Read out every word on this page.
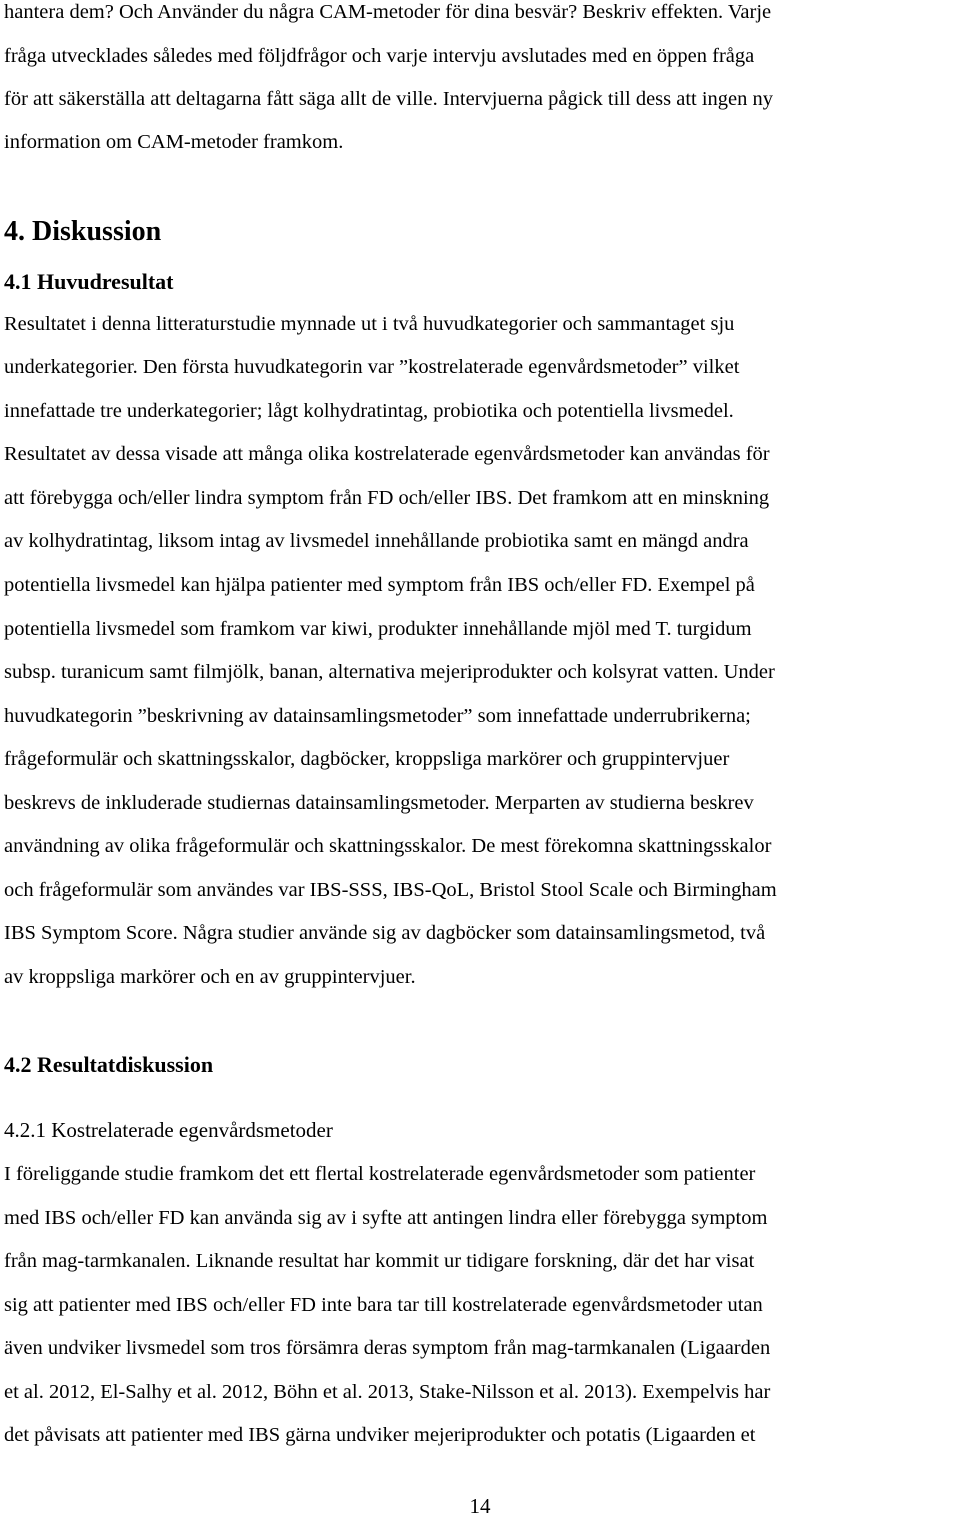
hantera dem? Och Använder du några CAM-metoder för dina besvär? Beskriv effekten. Varje
fråga utvecklades således med följdfrågor och varje intervju avslutades med en öppen fråga
för att säkerställa att deltagarna fått säga allt de ville. Intervjuerna pågick till dess att ingen ny
information om CAM-metoder framkom.
4. Diskussion
4.1 Huvudresultat
Resultatet i denna litteraturstudie mynnade ut i två huvudkategorier och sammantaget sju
underkategorier. Den första huvudkategorin var ”kostrelaterade egenvårdsmetoder” vilket
innefattade tre underkategorier; lågt kolhydratintag, probiotika och potentiella livsmedel.
Resultatet av dessa visade att många olika kostrelaterade egenvårdsmetoder kan användas för
att förebygga och/eller lindra symptom från FD och/eller IBS. Det framkom att en minskning
av kolhydratintag, liksom intag av livsmedel innehållande probiotika samt en mängd andra
potentiella livsmedel kan hjälpa patienter med symptom från IBS och/eller FD. Exempel på
potentiella livsmedel som framkom var kiwi, produkter innehållande mjöl med T. turgidum
subsp. turanicum samt filmjölk, banan, alternativa mejeriprodukter och kolsyrat vatten. Under
huvudkategorin ”beskrivning av datainsamlingsmetoder” som innefattade underrubrikerna;
frågeformulär och skattningsskalor, dagböcker, kroppsliga markörer och gruppintervjuer
beskrevs de inkluderade studiernas datainsamlingsmetoder. Merparten av studierna beskrev
användning av olika frågeformulär och skattningsskalor. De mest förekomna skattningsskalor
och frågeformulär som användes var IBS-SSS, IBS-QoL, Bristol Stool Scale och Birmingham
IBS Symptom Score. Några studier använde sig av dagböcker som datainsamlingsmetod, två
av kroppsliga markörer och en av gruppintervjuer.
4.2 Resultatdiskussion
4.2.1 Kostrelaterade egenvårdsmetoder
I föreliggande studie framkom det ett flertal kostrelaterade egenvårdsmetoder som patienter
med IBS och/eller FD kan använda sig av i syfte att antingen lindra eller förebygga symptom
från mag-tarmkanalen. Liknande resultat har kommit ur tidigare forskning, där det har visat
sig att patienter med IBS och/eller FD inte bara tar till kostrelaterade egenvårdsmetoder utan
även undviker livsmedel som tros försämra deras symptom från mag-tarmkanalen (Ligaarden
et al. 2012, El-Salhy et al. 2012, Böhn et al. 2013, Stake-Nilsson et al. 2013). Exempelvis har
det påvisats att patienter med IBS gärna undviker mejeriprodukter och potatis (Ligaarden et
14
